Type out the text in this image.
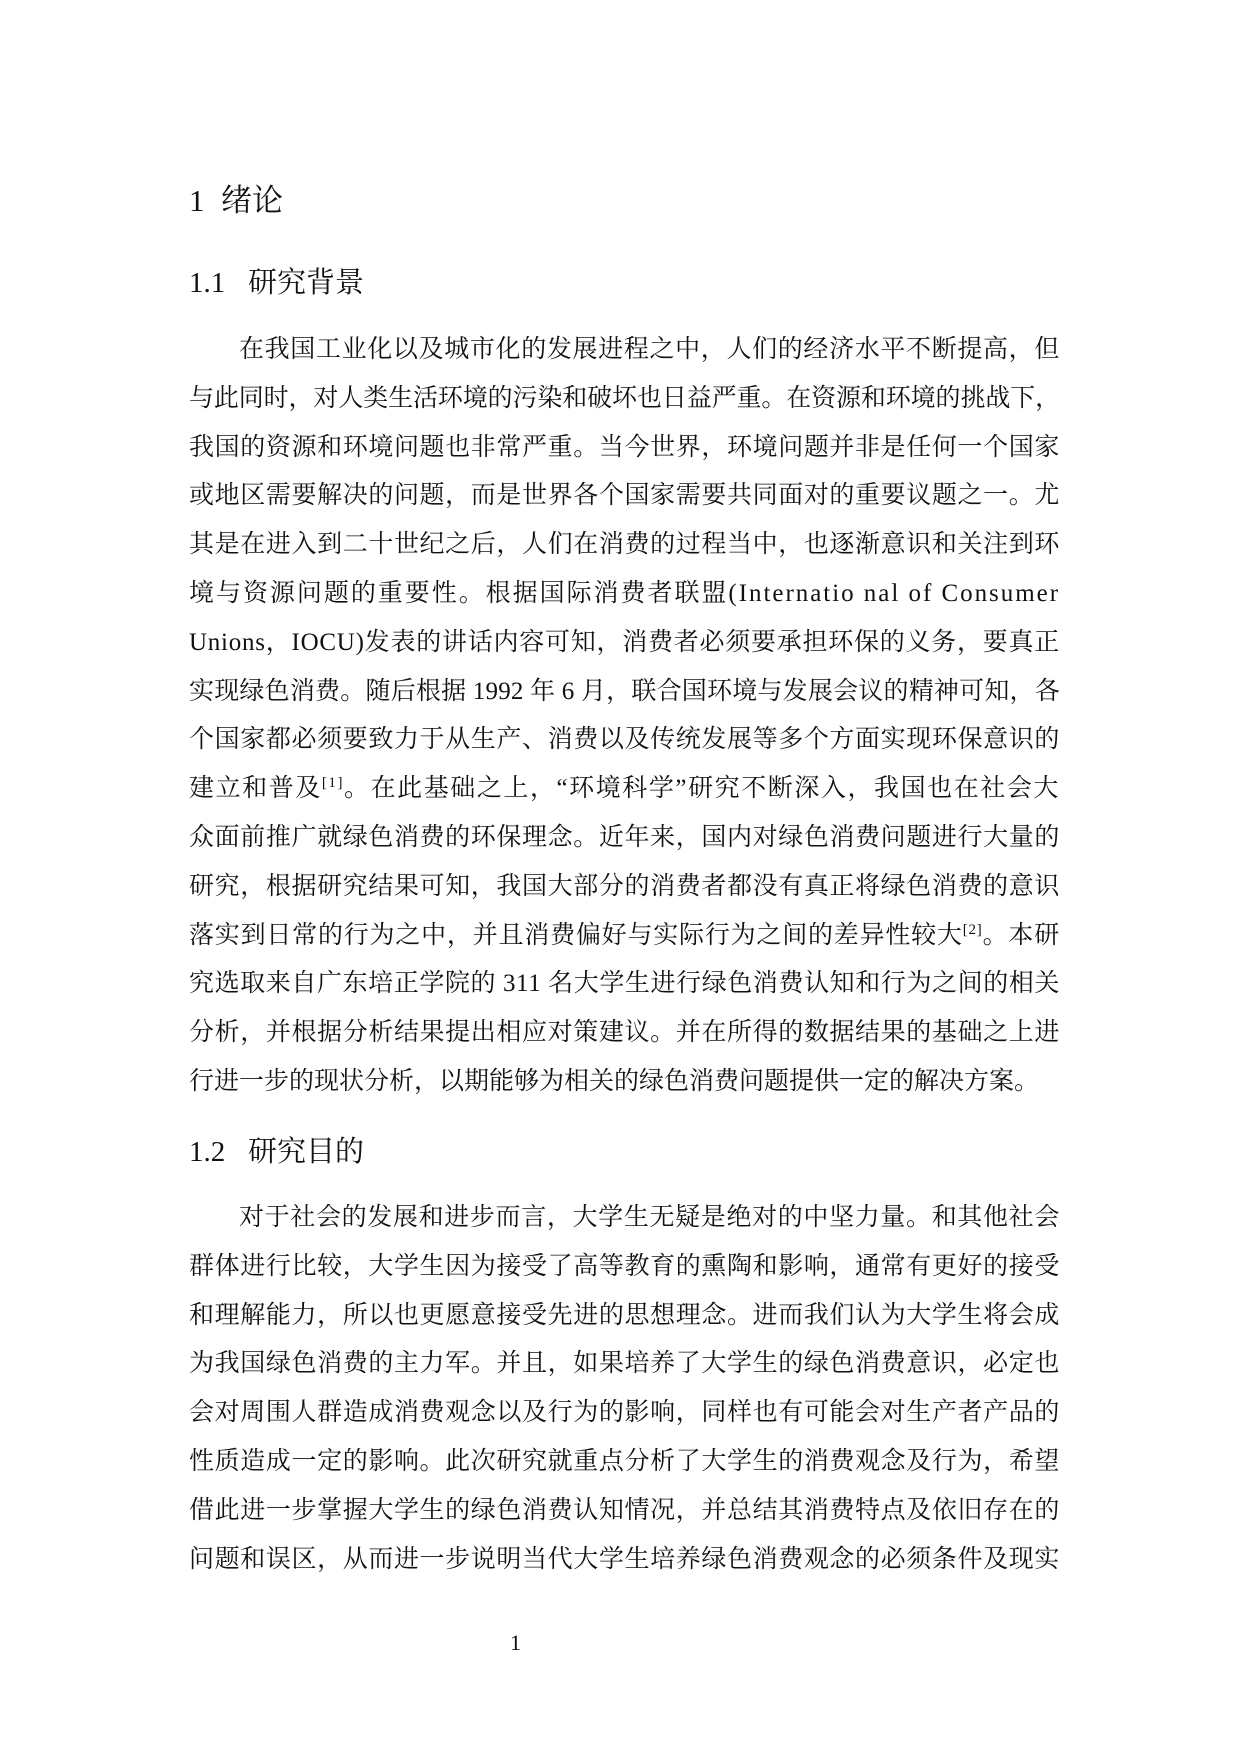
1 绪论
1.1 研究背景
在我国工业化以及城市化的发展进程之中，人们的经济水平不断提高，但
与此同时，对人类生活环境的污染和破坏也日益严重。在资源和环境的挑战下，
我国的资源和环境问题也非常严重。当今世界，环境问题并非是任何一个国家
或地区需要解决的问题，而是世界各个国家需要共同面对的重要议题之一。尤
其是在进入到二十世纪之后，人们在消费的过程当中，也逐渐意识和关注到环
境与资源问题的重要性。根据国际消费者联盟(Internatio nal of Consumer
Unions，IOCU)发表的讲话内容可知，消费者必须要承担环保的义务，要真正
实现绿色消费。随后根据 1992 年 6 月，联合国环境与发展会议的精神可知，各
个国家都必须要致力于从生产、消费以及传统发展等多个方面实现环保意识的
建立和普及[1]。在此基础之上，“环境科学”研究不断深入，我国也在社会大
众面前推广就绿色消费的环保理念。近年来，国内对绿色消费问题进行大量的
研究，根据研究结果可知，我国大部分的消费者都没有真正将绿色消费的意识
落实到日常的行为之中，并且消费偏好与实际行为之间的差异性较大[2]。本研
究选取来自广东培正学院的 311 名大学生进行绿色消费认知和行为之间的相关
分析，并根据分析结果提出相应对策建议。并在所得的数据结果的基础之上进
行进一步的现状分析，以期能够为相关的绿色消费问题提供一定的解决方案。
1.2 研究目的
对于社会的发展和进步而言，大学生无疑是绝对的中坚力量。和其他社会
群体进行比较，大学生因为接受了高等教育的熏陶和影响，通常有更好的接受
和理解能力，所以也更愿意接受先进的思想理念。进而我们认为大学生将会成
为我国绿色消费的主力军。并且，如果培养了大学生的绿色消费意识，必定也
会对周围人群造成消费观念以及行为的影响，同样也有可能会对生产者产品的
性质造成一定的影响。此次研究就重点分析了大学生的消费观念及行为，希望
借此进一步掌握大学生的绿色消费认知情况，并总结其消费特点及依旧存在的
问题和误区，从而进一步说明当代大学生培养绿色消费观念的必须条件及现实
1
